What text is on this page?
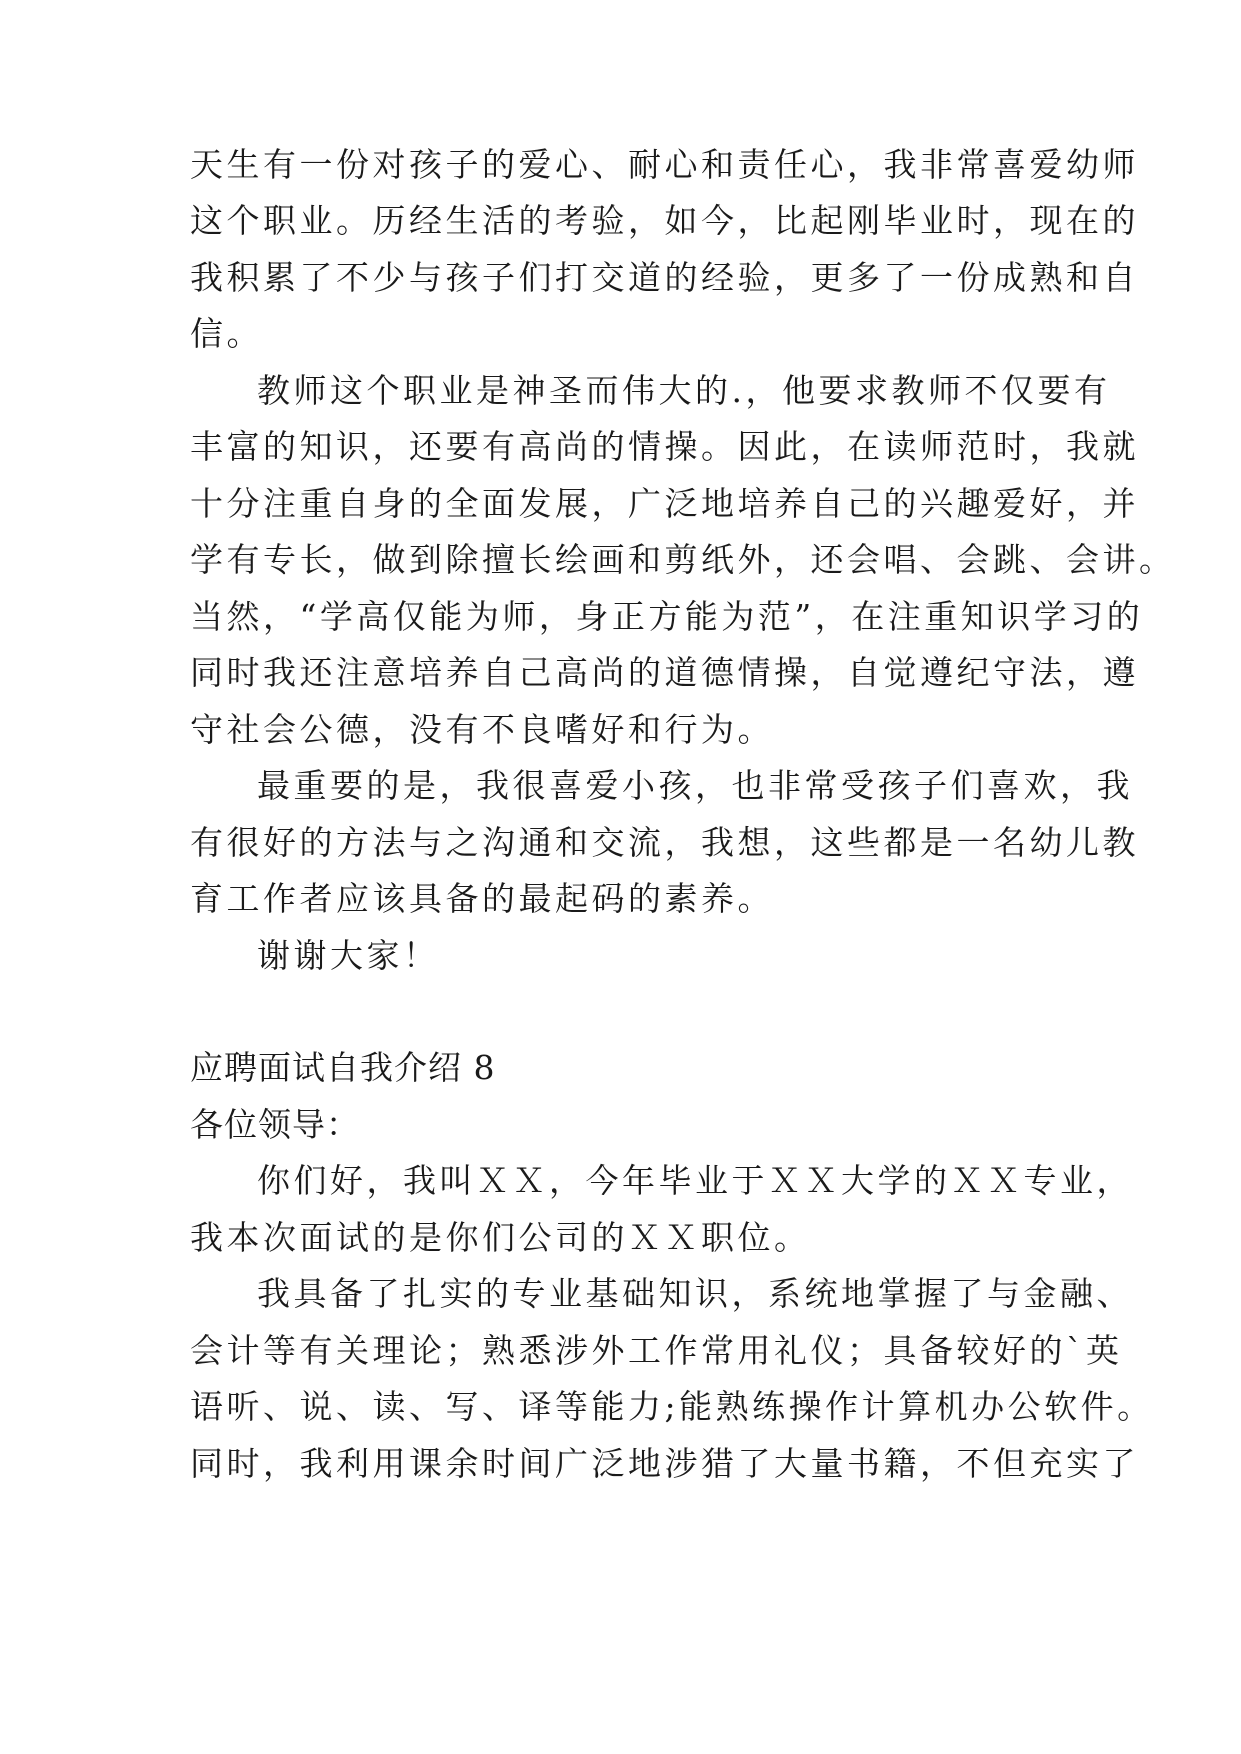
天生有一份对孩子的爱心、耐心和责任心，我非常喜爱幼师
这个职业。历经生活的考验，如今，比起刚毕业时，现在的
我积累了不少与孩子们打交道的经验，更多了一份成熟和自
信。
教师这个职业是神圣而伟大的.，他要求教师不仅要有
丰富的知识，还要有高尚的情操。因此，在读师范时，我就
十分注重自身的全面发展，广泛地培养自己的兴趣爱好，并
学有专长，做到除擅长绘画和剪纸外，还会唱、会跳、会讲。
当然，“学高仅能为师，身正方能为范”，在注重知识学习的
同时我还注意培养自己高尚的道德情操，自觉遵纪守法，遵
守社会公德，没有不良嗜好和行为。
最重要的是，我很喜爱小孩，也非常受孩子们喜欢，我
有很好的方法与之沟通和交流，我想，这些都是一名幼儿教
育工作者应该具备的最起码的素养。
谢谢大家！
应聘面试自我介绍 8
各位领导：
你们好，我叫ＸＸ，今年毕业于ＸＸ大学的ＸＸ专业，
我本次面试的是你们公司的ＸＸ职位。
我具备了扎实的专业基础知识，系统地掌握了与金融、
会计等有关理论；熟悉涉外工作常用礼仪；具备较好的`英
语听、说、读、写、译等能力;能熟练操作计算机办公软件。
同时，我利用课余时间广泛地涉猎了大量书籍，不但充实了
